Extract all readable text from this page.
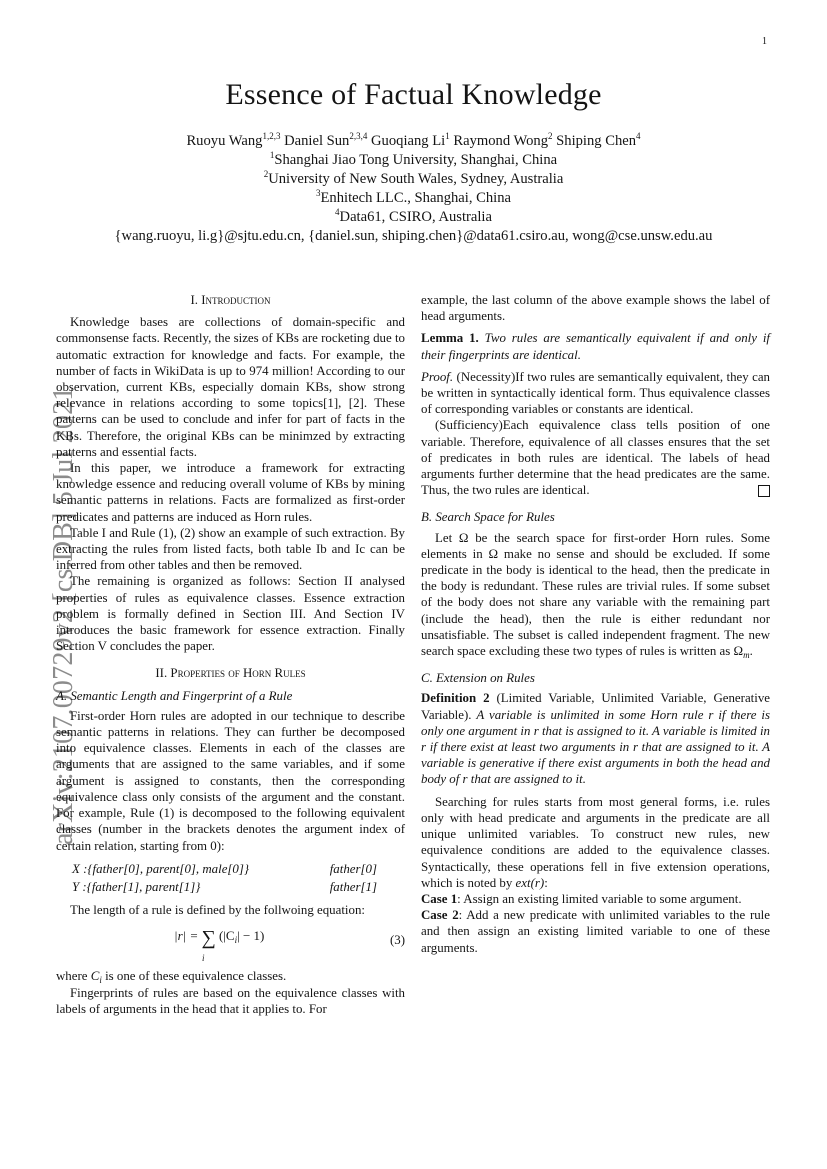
1
arXiv:2107.00729v2 [cs.DB] 5 Jul 2021
Essence of Factual Knowledge
Ruoyu Wang$^{1,2,3}$ Daniel Sun$^{2,3,4}$ Guoqiang Li$^1$ Raymond Wong$^2$ Shiping Chen$^4$
$^1$Shanghai Jiao Tong University, Shanghai, China
$^2$University of New South Wales, Sydney, Australia
$^3$Enhitech LLC., Shanghai, China
$^4$Data61, CSIRO, Australia
{wang.ruoyu, li.g}@sjtu.edu.cn, {daniel.sun, shiping.chen}@data61.csiro.au, wong@cse.unsw.edu.au
I. Introduction

Knowledge bases are collections of domain-specific and commonsense facts. Recently, the sizes of KBs are rocketing due to automatic extraction for knowledge and facts. For example, the number of facts in WikiData is up to 974 million! According to our observation, current KBs, especially domain KBs, show strong relevance in relations according to some topics[1], [2]. These patterns can be used to conclude and infer for part of facts in the KBs. Therefore, the original KBs can be minimzed by extracting patterns and essential facts.

In this paper, we introduce a framework for extracting knowledge essence and reducing overall volume of KBs by mining semantic patterns in relations. Facts are formalized as first-order predicates and patterns are induced as Horn rules.

Table I and Rule (1), (2) show an example of such extraction. By extracting the rules from listed facts, both table Ib and Ic can be inferred from other tables and then be removed.

The remaining is organized as follows: Section II analysed properties of rules as equivalence classes. Essence extraction problem is formally defined in Section III. And Section IV introduces the basic framework for essence extraction. Finally Section V concludes the paper.

II. Properties of Horn Rules
A. Semantic Length and Fingerprint of a Rule

First-order Horn rules are adopted in our technique to describe semantic patterns in relations. They can further be decomposed into equivalence classes. Elements in each of the classes are arguments that are assigned to the same variables, and if some argument is assigned to constants, then the corresponding equivalence class only consists of the argument and the constant. For example, Rule (1) is decomposed to the following equivalent classes (number in the brackets denotes the argument index of certain relation, starting from 0):

X :{father[0], parent[0], male[0]}	father[0]
Y :{father[1], parent[1]}	father[1]

The length of a rule is defined by the follwoing equation:

|r| = ∑ $(|C_i| - 1)$
i
(3)

where $C_i$ is one of these equivalence classes.

Fingerprints of rules are based on the equivalence classes with labels of arguments in the head that it applies to. For

example, the last column of the above example shows the label of head arguments.

Lemma 1. Two rules are semantically equivalent if and only if their fingerprints are identical.

Proof. (Necessity)If two rules are semantically equivalent, they can be written in syntactically identical form. Thus equivalence classes of corresponding variables or constants are identical.

(Sufficiency)Each equivalence class tells position of one variable. Therefore, equivalence of all classes ensures that the set of predicates in both rules are identical. The labels of head arguments further determine that the head predicates are the same. Thus, the two rules are identical.

B. Search Space for Rules

Let Ω be the search space for first-order Horn rules. Some elements in Ω make no sense and should be excluded. If some predicate in the body is identical to the head, then the predicate in the body is redundant. These rules are trivial rules. If some subset of the body does not share any variable with the remaining part (include the head), then the rule is either redundant nor unsatisfiable. The subset is called independent fragment. The new search space excluding these two types of rules is written as $\Omega_m$.

C. Extension on Rules

Definition 2 (Limited Variable, Unlimited Variable, Generative Variable). A variable is unlimited in some Horn rule r if there is only one argument in r that is assigned to it. A variable is limited in r if there exist at least two arguments in r that are assigned to it. A variable is generative if there exist arguments in both the head and body of r that are assigned to it.

Searching for rules starts from most general forms, i.e. rules only with head predicate and arguments in the predicate are all unique unlimited variables. To construct new rules, new equivalence conditions are added to the equivalence classes. Syntactically, these operations fell in five extension operations, which is noted by ext(r):

Case 1: Assign an existing limited variable to some argument.

Case 2: Add a new predicate with unlimited variables to the rule and then assign an existing limited variable to one of these arguments.
